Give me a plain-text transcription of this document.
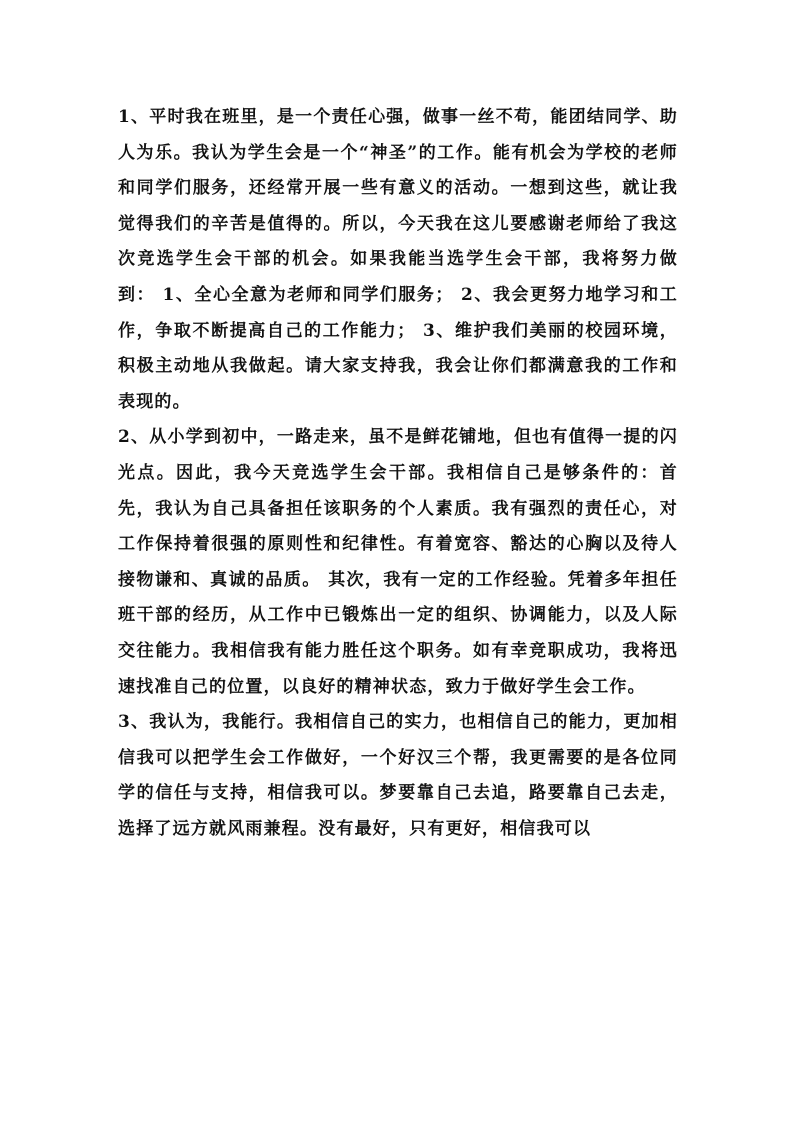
1、平时我在班里，是一个责任心强，做事一丝不苟，能团结同学、助人为乐。我认为学生会是一个“神圣”的工作。能有机会为学校的老师和同学们服务，还经常开展一些有意义的活动。一想到这些，就让我觉得我们的辛苦是值得的。所以，今天我在这儿要感谢老师给了我这次竞选学生会干部的机会。如果我能当选学生会干部，我将努力做到： 1、全心全意为老师和同学们服务； 2、我会更努力地学习和工作，争取不断提高自己的工作能力； 3、维护我们美丽的校园环境，积极主动地从我做起。请大家支持我，我会让你们都满意我的工作和表现的。

2、从小学到初中，一路走来，虽不是鲜花铺地，但也有值得一提的闪光点。因此，我今天竞选学生会干部。我相信自己是够条件的：首先，我认为自己具备担任该职务的个人素质。我有强烈的责任心，对工作保持着很强的原则性和纪律性。有着宽容、豁达的心胸以及待人接物谦和、真诚的品质。 其次，我有一定的工作经验。凭着多年担任班干部的经历，从工作中已锻炼出一定的组织、协调能力，以及人际交往能力。我相信我有能力胜任这个职务。如有幸竞职成功，我将迅速找准自己的位置，以良好的精神状态，致力于做好学生会工作。

3、我认为，我能行。我相信自己的实力，也相信自己的能力，更加相信我可以把学生会工作做好，一个好汉三个帮，我更需要的是各位同学的信任与支持，相信我可以。梦要靠自己去追，路要靠自己去走，选择了远方就风雨兼程。没有最好，只有更好，相信我可以
